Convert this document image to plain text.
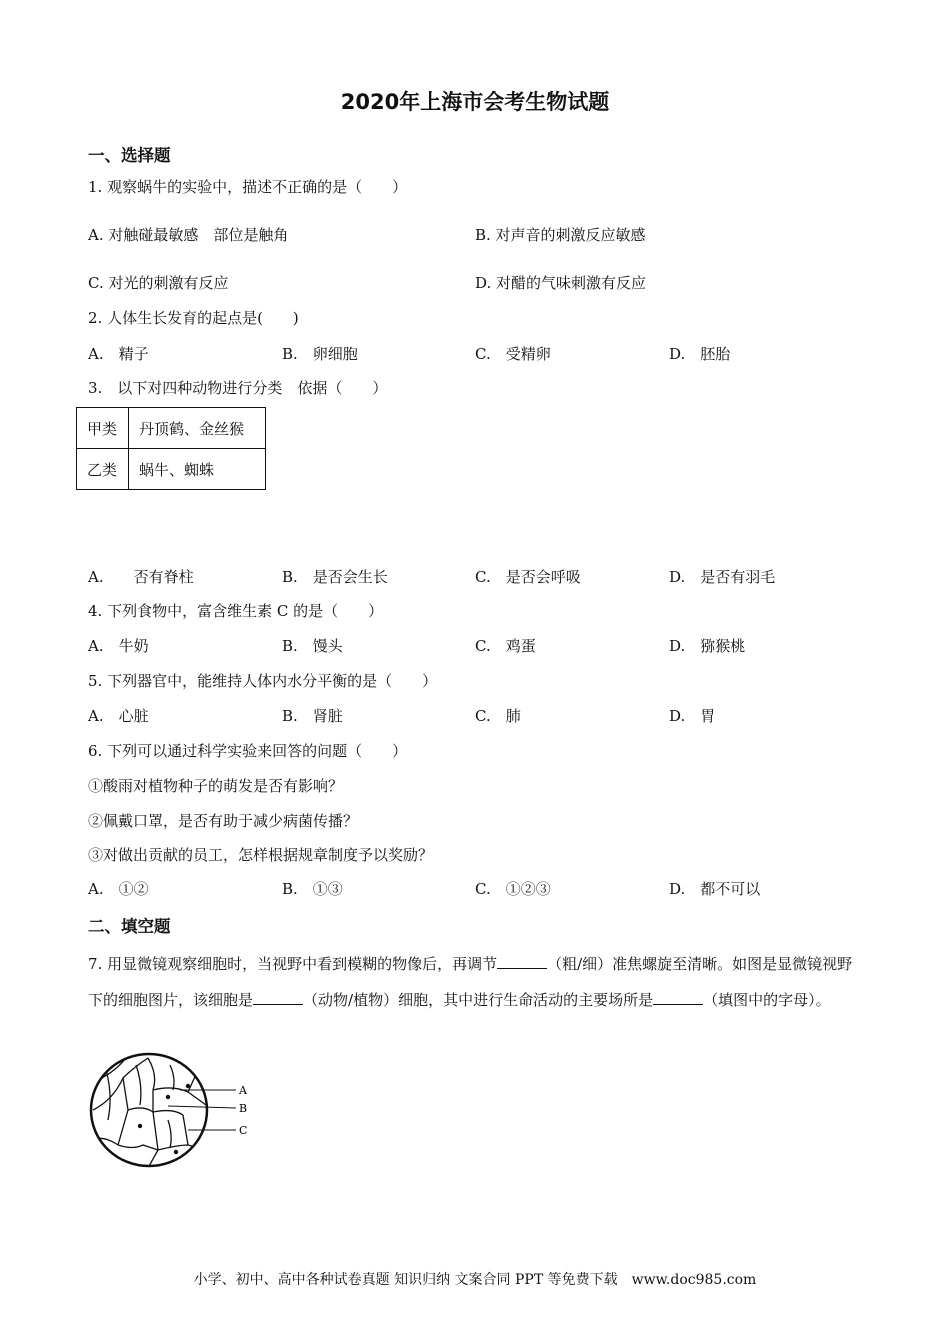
2020年上海市会考生物试题
一、选择题
1. 观察蜗牛的实验中，描述不正确的是（　　）
A. 对触碰最敏感　部位是触角	B. 对声音的刺激反应敏感
C. 对光的刺激有反应	D. 对醋的气味刺激有反应
2. 人体生长发育的起点是(　　)
A.　精子	B.　卵细胞	C.　受精卵	D.　胚胎
3.　以下对四种动物进行分类　依据（　　）
甲类	丹顶鹤、金丝猴
乙类	蜗牛、蜘蛛
A.　　否有脊柱	B.　是否会生长	C.　是否会呼吸	D.　是否有羽毛
4. 下列食物中，富含维生素 C 的是（　　）
A.　牛奶	B.　馒头	C.　鸡蛋	D.　猕猴桃
5. 下列器官中，能维持人体内水分平衡的是（　　）
A.　心脏	B.　肾脏	C.　肺	D.　胃
6. 下列可以通过科学实验来回答的问题（　　）
①酸雨对植物种子的萌发是否有影响？
②佩戴口罩，是否有助于减少病菌传播？
③对做出贡献的员工，怎样根据规章制度予以奖励？
A.　①②	B.　①③	C.　①②③	D.　都不可以
二、填空题
7. 用显微镜观察细胞时，当视野中看到模糊的物像后，再调节	（粗/细）准焦螺旋至清晰。如图是显微镜视野下的细胞图片，该细胞是	（动物/植物）细胞，其中进行生命活动的主要场所是	（填图中的字母）。
A
B
C
小学、初中、高中各种试卷真题 知识归纳 文案合同 PPT 等免费下载　www.doc985.com
